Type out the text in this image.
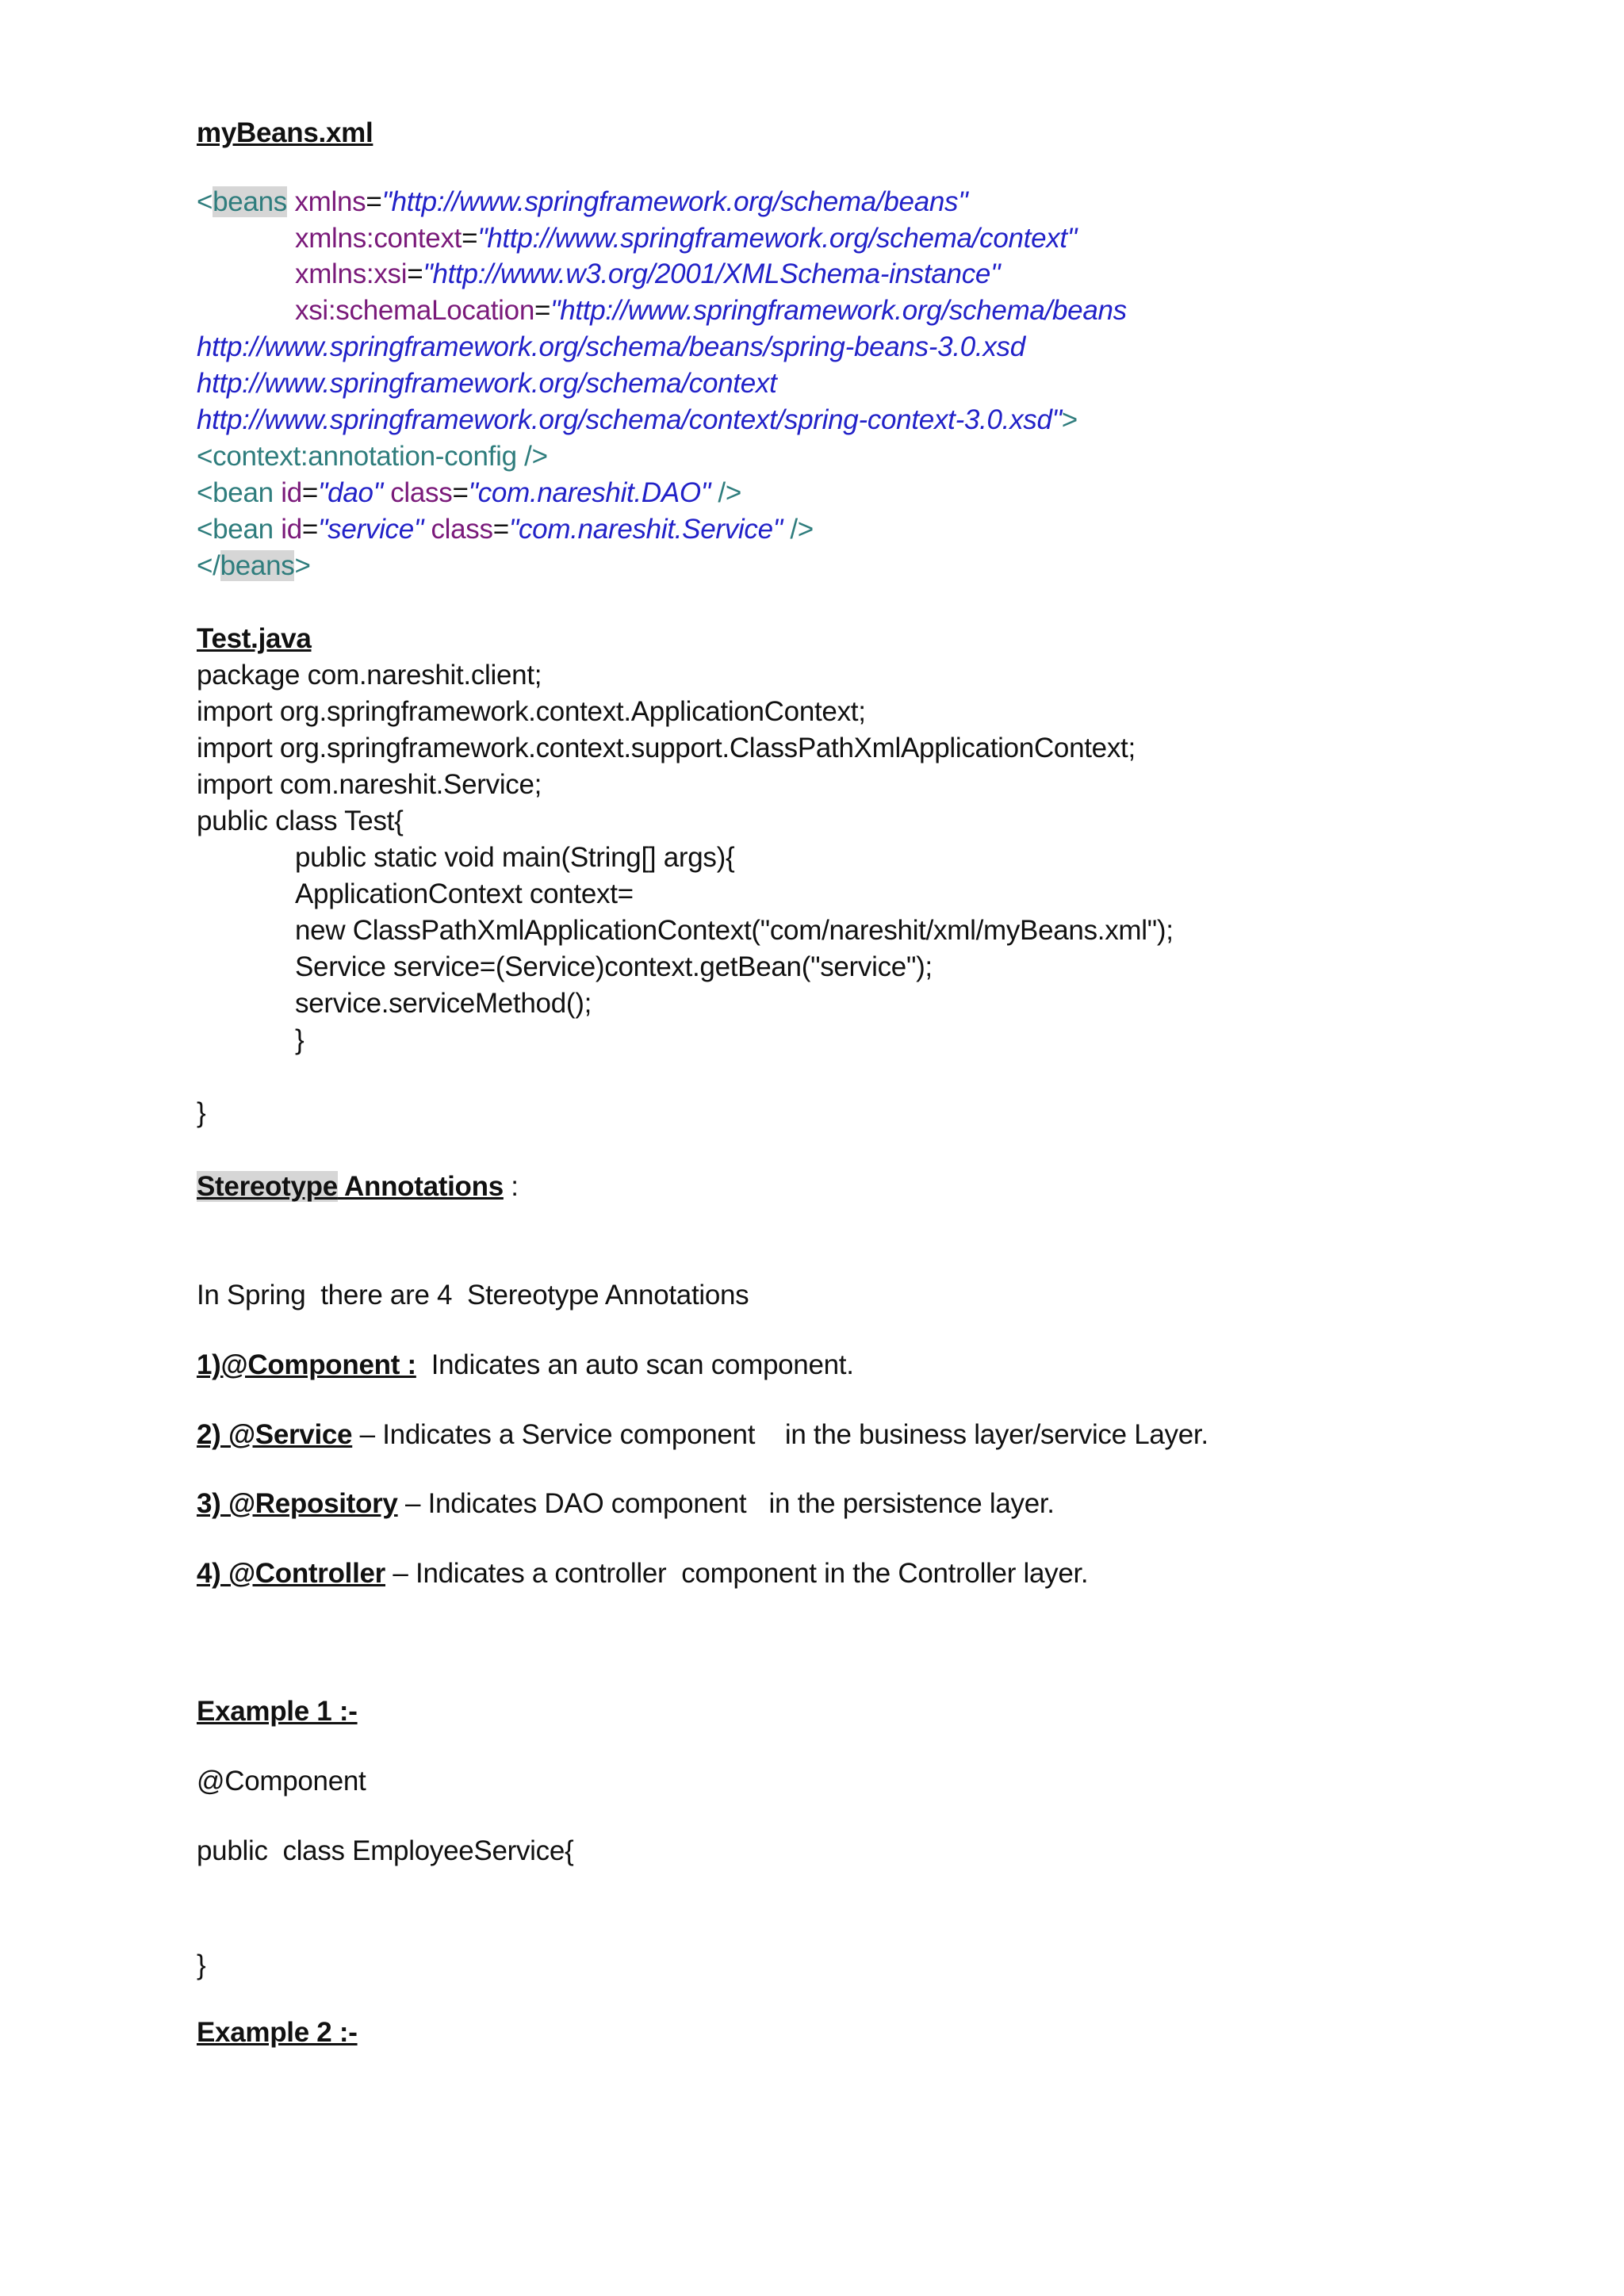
myBeans.xml
<beans xmlns="http://www.springframework.org/schema/beans"
xmlns:context="http://www.springframework.org/schema/context"
xmlns:xsi="http://www.w3.org/2001/XMLSchema-instance"
xsi:schemaLocation="http://www.springframework.org/schema/beans
http://www.springframework.org/schema/beans/spring-beans-3.0.xsd
http://www.springframework.org/schema/context
http://www.springframework.org/schema/context/spring-context-3.0.xsd">
<context:annotation-config />
<bean id="dao" class="com.nareshit.DAO" />
<bean id="service" class="com.nareshit.Service" />
</beans>
Test.java
package com.nareshit.client;
import org.springframework.context.ApplicationContext;
import org.springframework.context.support.ClassPathXmlApplicationContext;
import com.nareshit.Service;
public class Test{
public static void main(String[] args){
ApplicationContext context=
new ClassPathXmlApplicationContext("com/nareshit/xml/myBeans.xml");
Service service=(Service)context.getBean("service");
service.serviceMethod();
}
}
Stereotype Annotations :
In Spring  there are 4  Stereotype Annotations
1)@Component :  Indicates an auto scan component.
2) @Service – Indicates a Service component    in the business layer/service Layer.
3) @Repository – Indicates DAO component   in the persistence layer.
4) @Controller – Indicates a controller  component in the Controller layer.
Example 1 :-
@Component
public  class EmployeeService{
}
Example 2 :-
